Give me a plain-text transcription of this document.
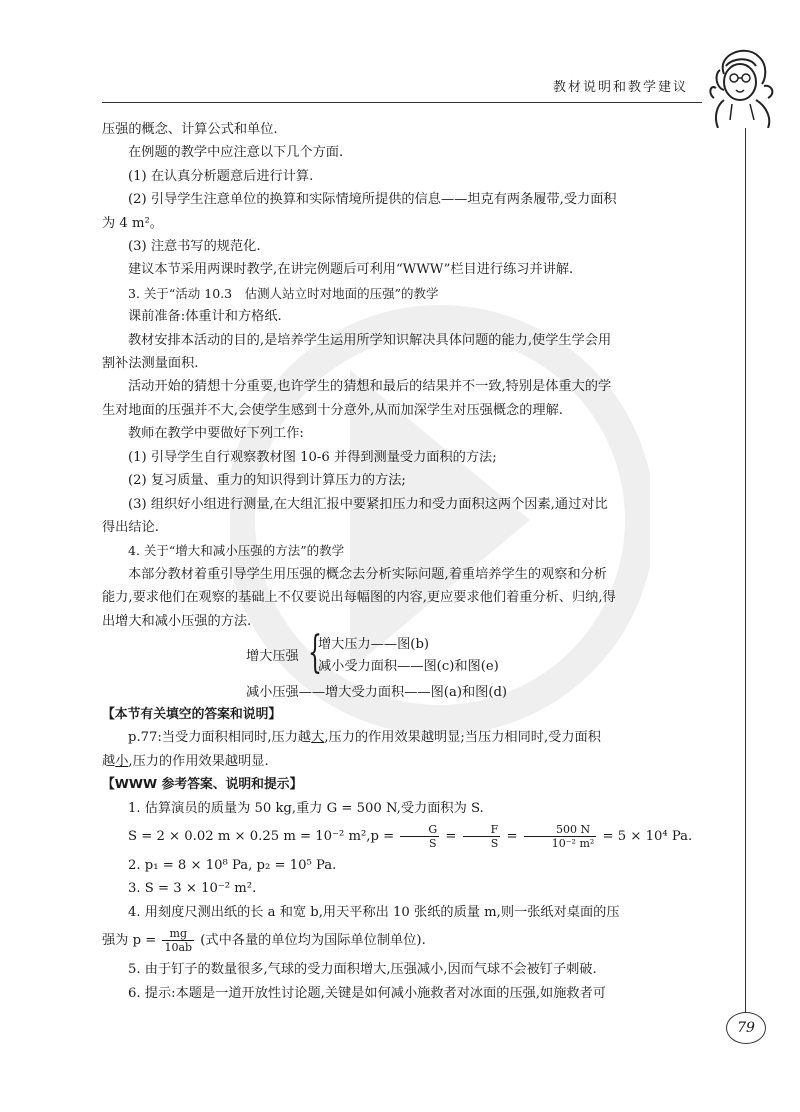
教材说明和教学建议
79

压强的概念、计算公式和单位.

在例题的教学中应注意以下几个方面.

(1) 在认真分析题意后进行计算.

(2) 引导学生注意单位的换算和实际情境所提供的信息——坦克有两条履带,受力面积

为 4 m²。

(3) 注意书写的规范化.

建议本节采用两课时教学,在讲完例题后可利用“WWW”栏目进行练习并讲解.

3. 关于“活动 10.3　估测人站立时对地面的压强”的教学

课前准备:体重计和方格纸.

教材安排本活动的目的,是培养学生运用所学知识解决具体问题的能力,使学生学会用

割补法测量面积.

活动开始的猜想十分重要,也许学生的猜想和最后的结果并不一致,特别是体重大的学

生对地面的压强并不大,会使学生感到十分意外,从而加深学生对压强概念的理解.

教师在教学中要做好下列工作:

(1) 引导学生自行观察教材图 10-6 并得到测量受力面积的方法;

(2) 复习质量、重力的知识得到计算压力的方法;

(3) 组织好小组进行测量,在大组汇报中要紧扣压力和受力面积这两个因素,通过对比

得出结论.

4. 关于“增大和减小压强的方法”的教学

本部分教材着重引导学生用压强的概念去分析实际问题,着重培养学生的观察和分析

能力,要求他们在观察的基础上不仅要说出每幅图的内容,更应要求他们着重分析、归纳,得

出增大和减小压强的方法.

增大压强 {
增大压力——图(b)
减小受力面积——图(c)和图(e)
减小压强——增大受力面积——图(a)和图(d)

【本节有关填空的答案和说明】

p.77:当受力面积相同时,压力越大,压力的作用效果越明显;当压力相同时,受力面积

越小,压力的作用效果越明显.

【WWW 参考答案、说明和提示】

1. 估算演员的质量为 50 kg,重力 G = 500 N,受力面积为 S.

S = 2 × 0.02 m × 0.25 m = 10⁻² $m^2,p = \frac{G}{S} = \frac{F}{S} = \frac{500 N}{\text{10⁻² m²}} = 5 \times 10^4$ Pa.

2. p₁ = 8 × 10⁸ Pa, p₂ = 10⁵ Pa.

3. S = 3 × 10⁻² m².

4. 用刻度尺测出纸的长 a 和宽 b,用天平称出 10 张纸的质量 m,则一张纸对桌面的压

强为 $p = \frac{mg}{10ab}$ (式中各量的单位均为国际单位制单位).

5. 由于钉子的数量很多,气球的受力面积增大,压强减小,因而气球不会被钉子刺破.

6. 提示:本题是一道开放性讨论题,关键是如何减小施救者对冰面的压强,如施救者可
